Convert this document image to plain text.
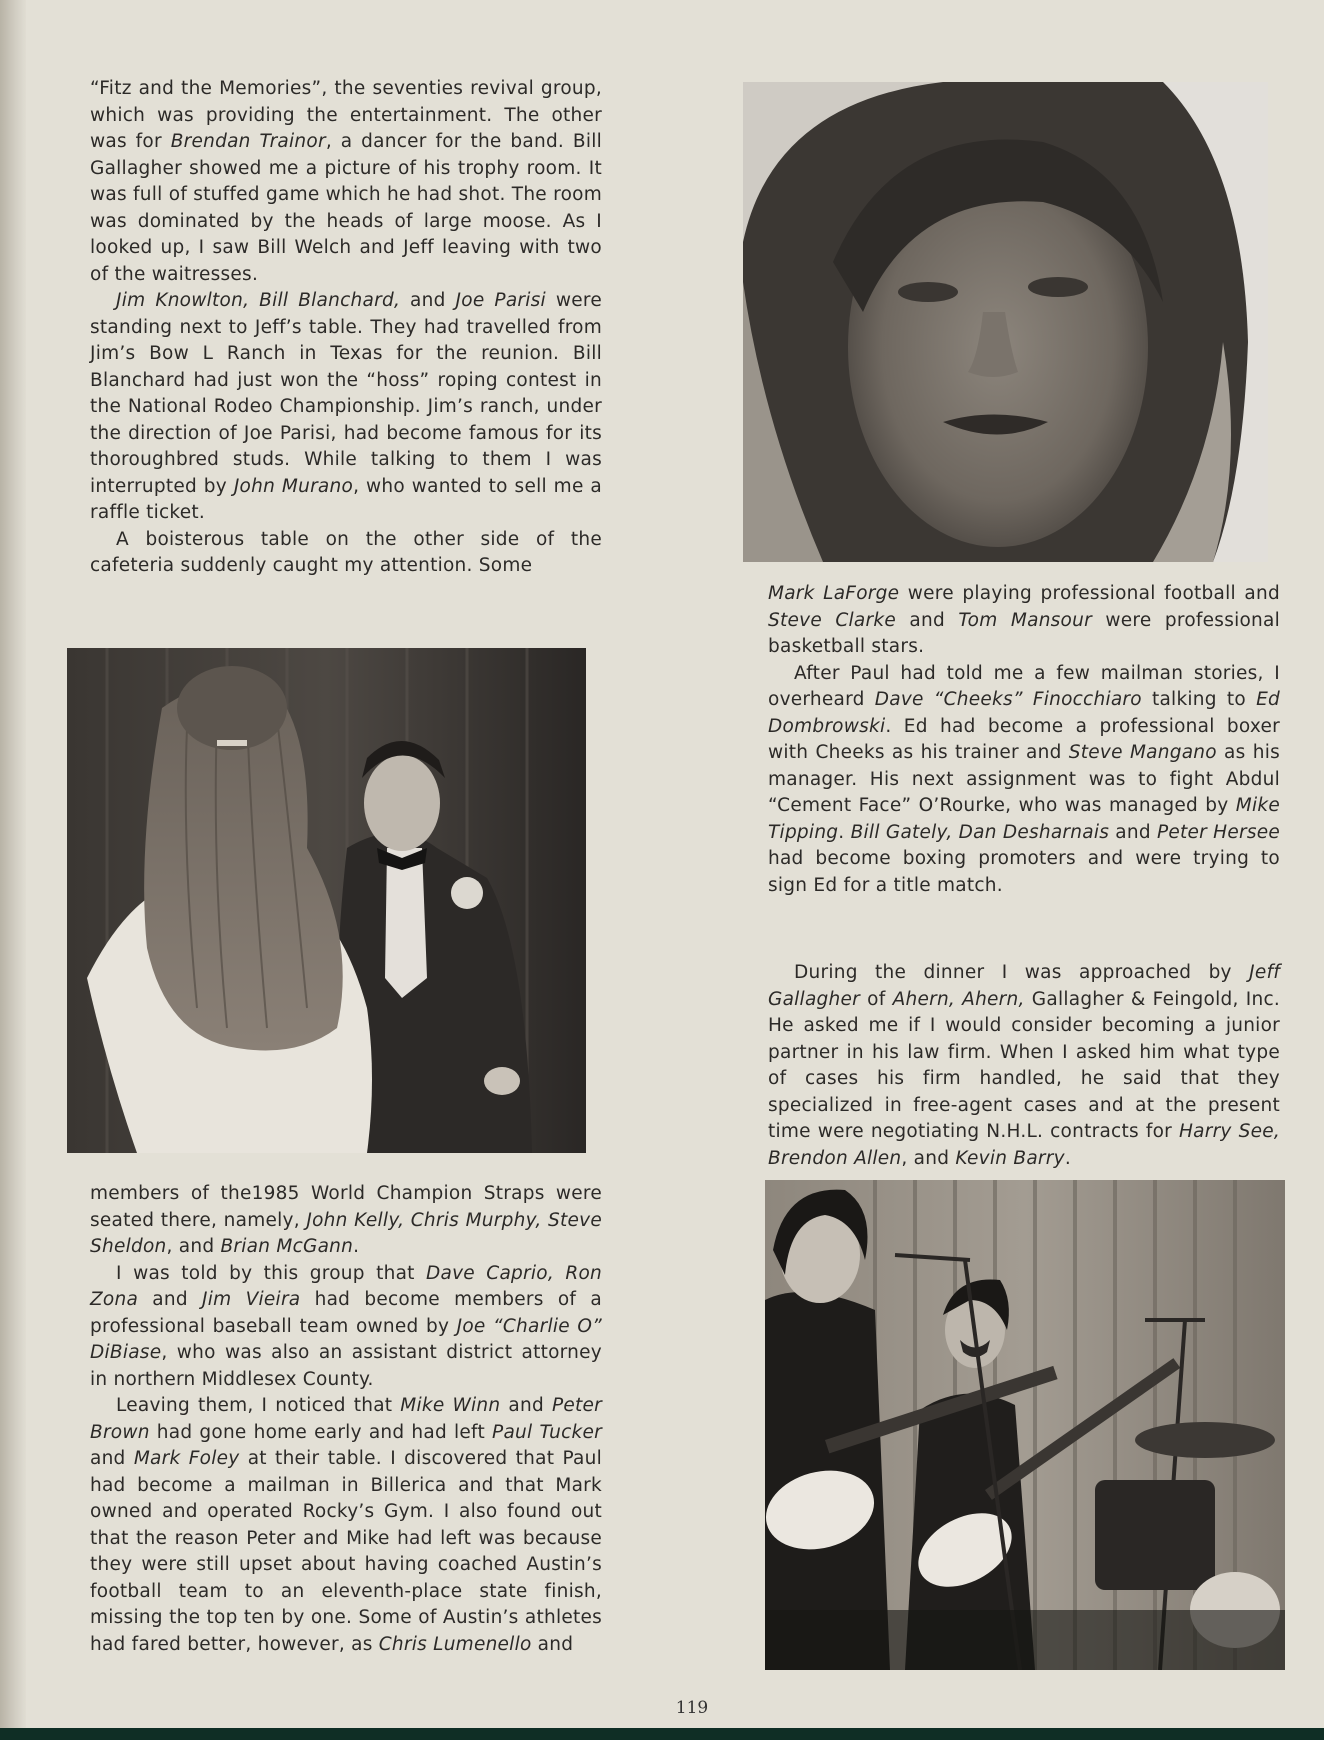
“Fitz and the Memories”, the seventies revival group, which was providing the entertainment. The other was for Brendan Trainor, a dancer for the band. Bill Gallagher showed me a picture of his trophy room. It was full of stuffed game which he had shot. The room was dominated by the heads of large moose. As I looked up, I saw Bill Welch and Jeff leaving with two of the waitresses.

Jim Knowlton, Bill Blanchard, and Joe Parisi were standing next to Jeff’s table. They had travelled from Jim’s Bow L Ranch in Texas for the reunion. Bill Blanchard had just won the “hoss” roping contest in the National Rodeo Championship. Jim’s ranch, under the direction of Joe Parisi, had become famous for its thoroughbred studs. While talking to them I was interrupted by John Murano, who wanted to sell me a raffle ticket.

A boisterous table on the other side of the cafeteria suddenly caught my attention. Some

members of the1985 World Champion Straps were seated there, namely, John Kelly, Chris Murphy, Steve Sheldon, and Brian McGann.

I was told by this group that Dave Caprio, Ron Zona and Jim Vieira had become members of a professional baseball team owned by Joe “Charlie O” DiBiase, who was also an assistant district attorney in northern Middlesex County.

Leaving them, I noticed that Mike Winn and Peter Brown had gone home early and had left Paul Tucker and Mark Foley at their table. I discovered that Paul had become a mailman in Billerica and that Mark owned and operated Rocky’s Gym. I also found out that the reason Peter and Mike had left was because they were still upset about having coached Austin’s football team to an eleventh-place state finish, missing the top ten by one. Some of Austin’s athletes had fared better, however, as Chris Lumenello and

Mark LaForge were playing professional football and Steve Clarke and Tom Mansour were professional basketball stars.

After Paul had told me a few mailman stories, I overheard Dave “Cheeks” Finocchiaro talking to Ed Dombrowski. Ed had become a professional boxer with Cheeks as his trainer and Steve Mangano as his manager. His next assignment was to fight Abdul “Cement Face” O’Rourke, who was managed by Mike Tipping. Bill Gately, Dan Desharnais and Peter Hersee had become boxing promoters and were trying to sign Ed for a title match.

During the dinner I was approached by Jeff Gallagher of Ahern, Ahern, Gallagher & Feingold, Inc. He asked me if I would consider becoming a junior partner in his law firm. When I asked him what type of cases his firm handled, he said that they specialized in free-agent cases and at the present time were negotiating N.H.L. contracts for Harry See, Brendon Allen, and Kevin Barry.

119
